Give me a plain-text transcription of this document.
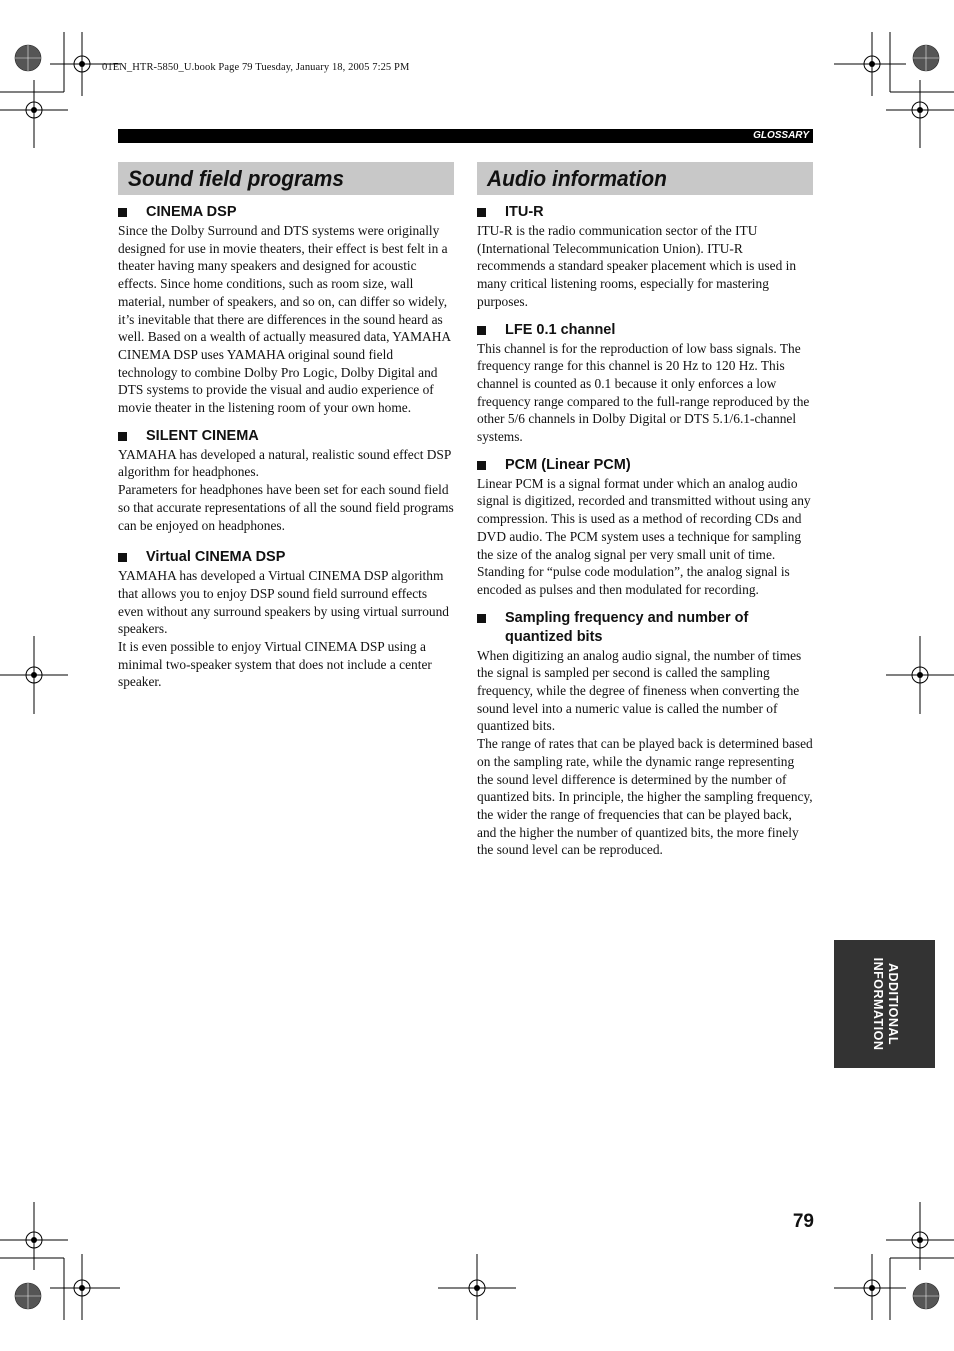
01EN_HTR-5850_U.book Page 79 Tuesday, January 18, 2005 7:25 PM
GLOSSARY
Sound field programs
CINEMA DSP

Since the Dolby Surround and DTS systems were originally designed for use in movie theaters, their effect is best felt in a theater having many speakers and designed for acoustic effects. Since home conditions, such as room size, wall material, number of speakers, and so on, can differ so widely, it’s inevitable that there are differences in the sound heard as well. Based on a wealth of actually measured data, YAMAHA CINEMA DSP uses YAMAHA original sound field technology to combine Dolby Pro Logic, Dolby Digital and DTS systems to provide the visual and audio experience of movie theater in the listening room of your own home.

SILENT CINEMA

YAMAHA has developed a natural, realistic sound effect DSP algorithm for headphones.

Parameters for headphones have been set for each sound field so that accurate representations of all the sound field programs can be enjoyed on headphones.

Virtual CINEMA DSP

YAMAHA has developed a Virtual CINEMA DSP algorithm that allows you to enjoy DSP sound field surround effects even without any surround speakers by using virtual surround speakers.

It is even possible to enjoy Virtual CINEMA DSP using a minimal two-speaker system that does not include a center speaker.

Audio information
ITU-R

ITU-R is the radio communication sector of the ITU (International Telecommunication Union). ITU-R recommends a standard speaker placement which is used in many critical listening rooms, especially for mastering purposes.

LFE 0.1 channel

This channel is for the reproduction of low bass signals. The frequency range for this channel is 20 Hz to 120 Hz. This channel is counted as 0.1 because it only enforces a low frequency range compared to the full-range reproduced by the other 5/6 channels in Dolby Digital or DTS 5.1/6.1-channel systems.

PCM (Linear PCM)

Linear PCM is a signal format under which an analog audio signal is digitized, recorded and transmitted without using any compression. This is used as a method of recording CDs and DVD audio. The PCM system uses a technique for sampling the size of the analog signal per very small unit of time. Standing for “pulse code modulation”, the analog signal is encoded as pulses and then modulated for recording.

Sampling frequency and number of quantized bits

When digitizing an analog audio signal, the number of times the signal is sampled per second is called the sampling frequency, while the degree of fineness when converting the sound level into a numeric value is called the number of quantized bits.

The range of rates that can be played back is determined based on the sampling rate, while the dynamic range representing the sound level difference is determined by the number of quantized bits. In principle, the higher the sampling frequency, the wider the range of frequencies that can be played back, and the higher the number of quantized bits, the more finely the sound level can be reproduced.

ADDITIONAL
INFORMATION
79
